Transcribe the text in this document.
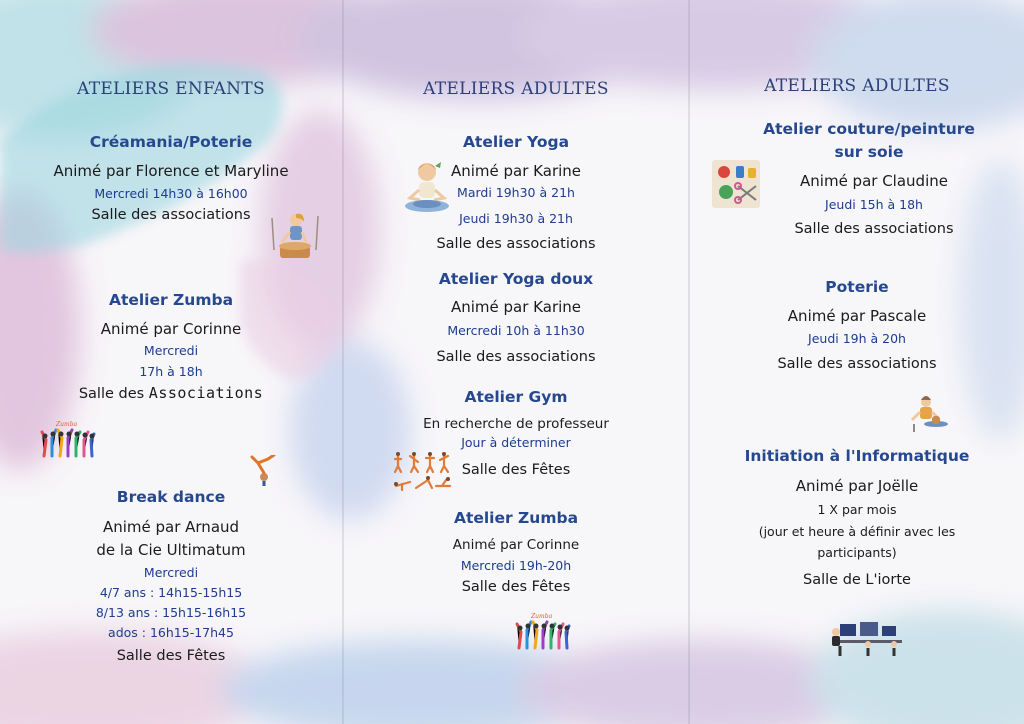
ATELIERS ENFANTS
Créamania/Poterie
Animé par Florence et Maryline
Mercredi 14h30 à 16h00
Salle des associations
Atelier Zumba
Animé par Corinne
Mercredi
17h à 18h
Salle des Associations
Break dance
Animé par Arnaud
de la Cie Ultimatum
Mercredi
4/7 ans : 14h15-15h15
8/13 ans : 15h15-16h15
ados : 16h15-17h45
Salle des Fêtes
Zumba
ATELIERS ADULTES
Atelier Yoga
Animé par Karine
Mardi 19h30 à 21h
Jeudi 19h30 à 21h
Salle des associations
Atelier Yoga doux
Animé par Karine
Mercredi 10h à 11h30
Salle des associations
Atelier Gym
En recherche de professeur
Jour à déterminer
Salle des Fêtes
Atelier Zumba
Animé par Corinne
Mercredi 19h-20h
Salle des Fêtes
Zumba
ATELIERS ADULTES
Atelier couture/peinture
sur soie
Animé par Claudine
Jeudi 15h à 18h
Salle des associations
Poterie
Animé par Pascale
Jeudi 19h à 20h
Salle des associations
Initiation à l'Informatique
Animé par Joëlle
1 X par mois
(jour et heure à définir avec les
participants)
Salle de L'iorte
